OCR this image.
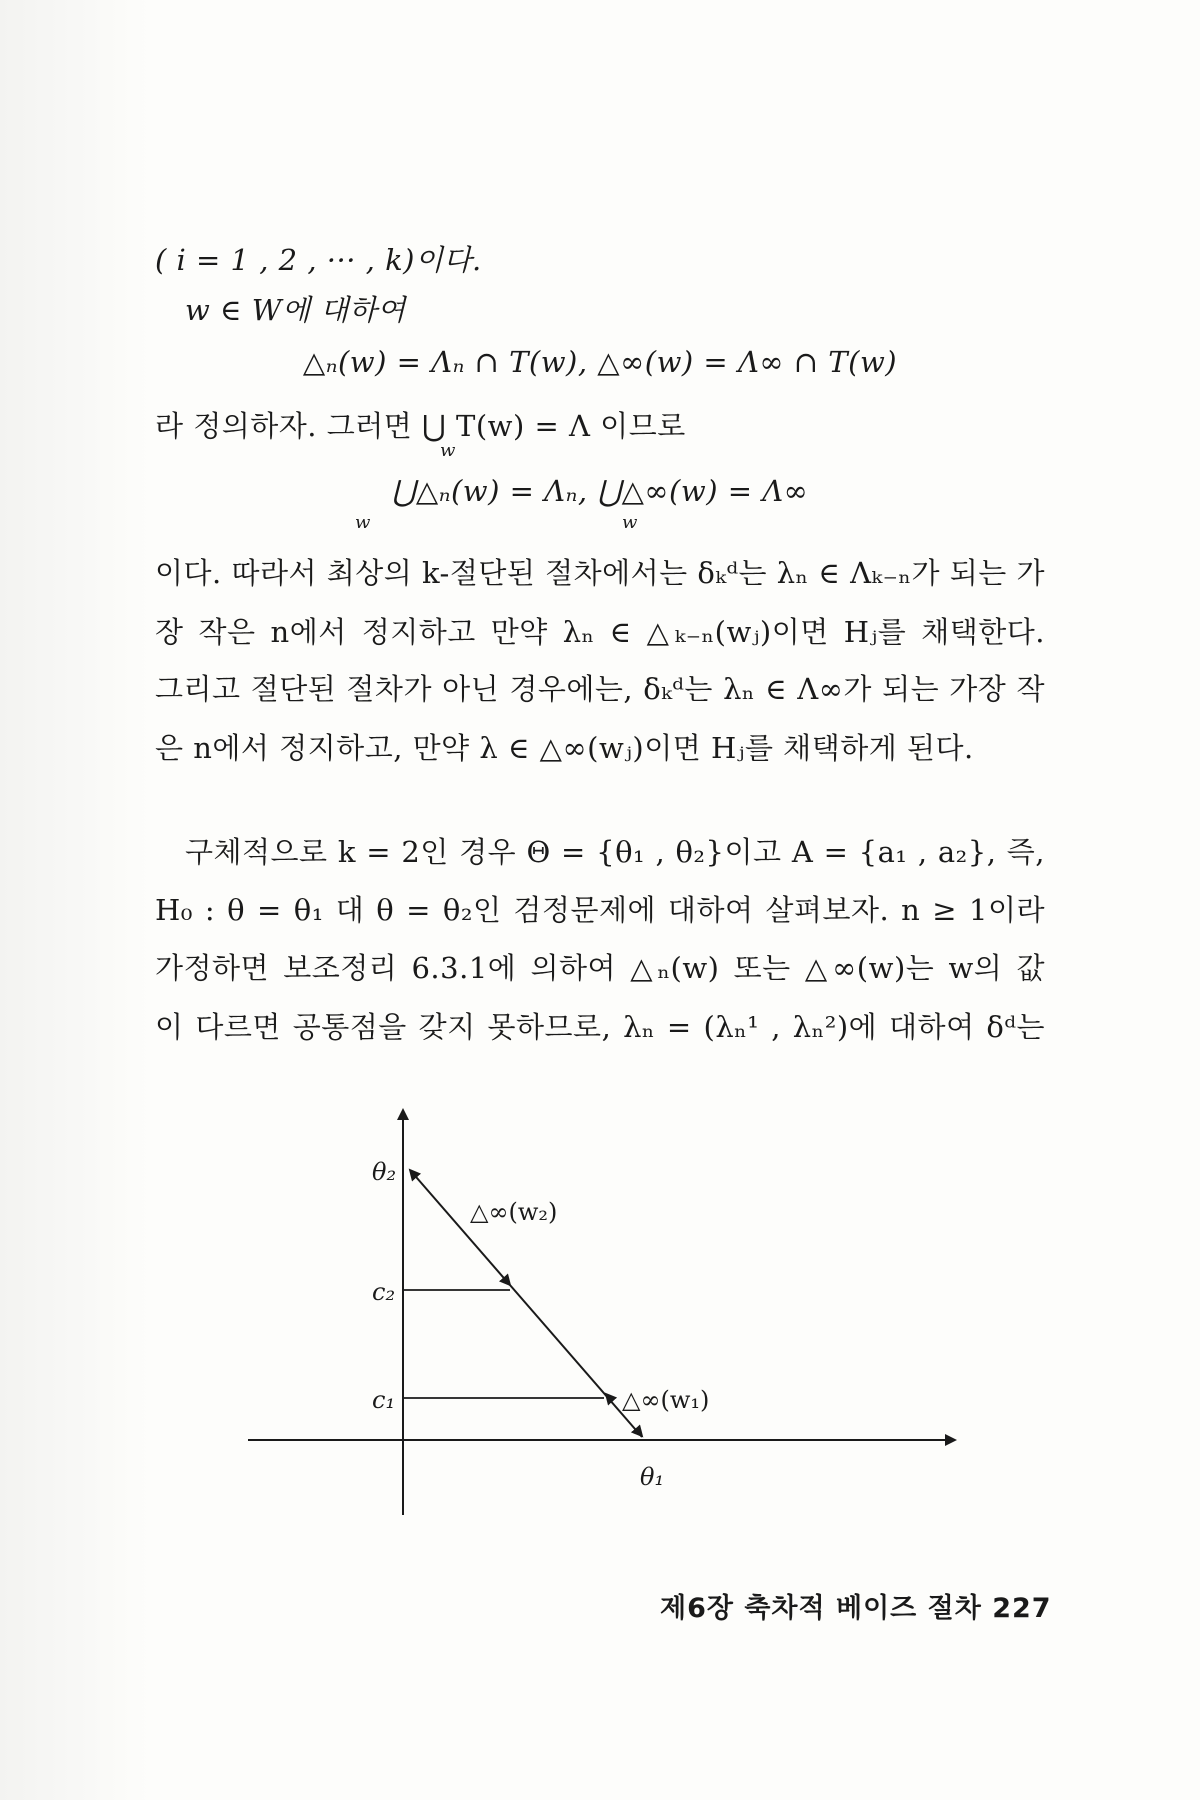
( i = 1 , 2 , ··· , k)이다.
w ∈ W에 대하여
△ₙ(w) = Λₙ ∩ T(w), △∞(w) = Λ∞ ∩ T(w)
라 정의하자. 그러면 ⋃ T(w) = Λ 이므로
w
⋃△ₙ(w) = Λₙ, ⋃△∞(w) = Λ∞
w	w
이다. 따라서 최상의 k-절단된 절차에서는 δₖᵈ는 λₙ ∈ Λₖ₋ₙ가 되는 가
장 작은 n에서 정지하고 만약 λₙ ∈ △ₖ₋ₙ(wⱼ)이면 Hⱼ를 채택한다.
그리고 절단된 절차가 아닌 경우에는, δₖᵈ는 λₙ ∈ Λ∞가 되는 가장 작
은 n에서 정지하고, 만약 λ ∈ △∞(wⱼ)이면 Hⱼ를 채택하게 된다.
구체적으로 k = 2인 경우 Θ = {θ₁ , θ₂}이고 A = {a₁ , a₂}, 즉,
H₀ : θ = θ₁ 대 θ = θ₂인 검정문제에 대하여 살펴보자. n ≥ 1이라
가정하면 보조정리 6.3.1에 의하여 △ₙ(w) 또는 △∞(w)는 w의 값
이 다르면 공통점을 갖지 못하므로, λₙ = (λₙ¹ , λₙ²)에 대하여 δᵈ는
θ₂
c₂
c₁
θ₁
△∞(w₂)
△∞(w₁)
제6장 축차적 베이즈 절차 227
